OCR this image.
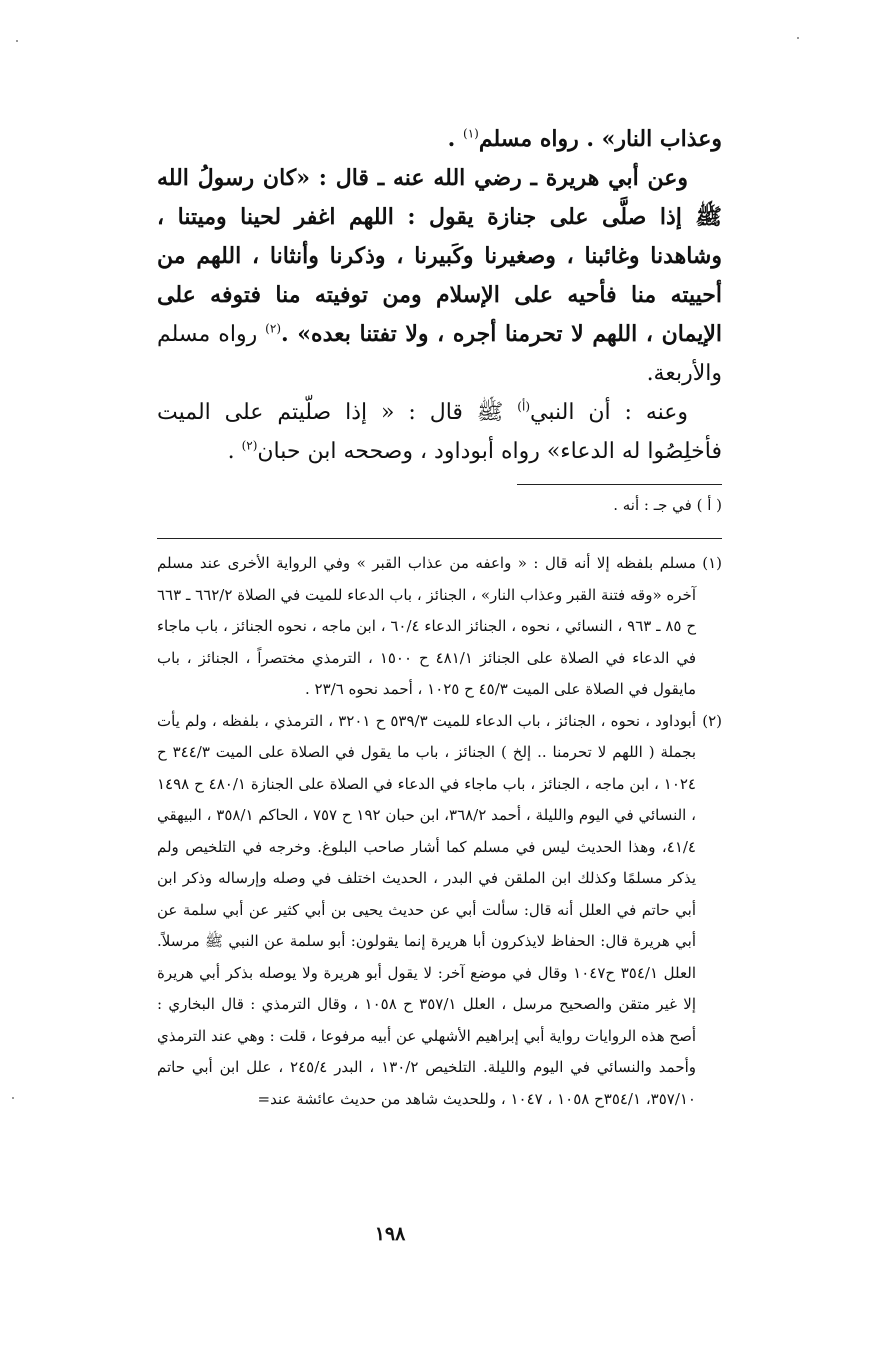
وعذاب النار» . رواه مسلم$^{(١)}$ .

وعن أبي هريرة ـ رضي الله عنه ـ قال : «كان رسولُ الله ﷺ إذا صلَّى على جنازة يقول : اللهم اغفر لحينا وميتنا ، وشاهدنا وغائبنا ، وصغيرنا وكَبيرنا ، وذكرنا وأنثانا ، اللهم من أحييته منا فأحيه على الإسلام ومن توفيته منا فتوفه على الإيمان ، اللهم لا تحرمنا أجره ، ولا تفتنا بعده» .$^{(٢)}$ رواه مسلم والأربعة.

وعنه : أن النبي$^{(أ)}$ ﷺ قال : « إذا صلّيتم على الميت فأخلِصُوا له الدعاء» رواه أبوداود ، وصححه ابن حبان$^{(٢)}$ .

( أ ) في جـ : أنه .

(١)
مسلم بلفظه إلا أنه قال : « واعفه من عذاب القبر » وفي الرواية الأخرى عند مسلم آخره «وقه فتنة القبر وعذاب النار» ، الجنائز ، باب الدعاء للميت في الصلاة ٦٦٢/٢ ـ ٦٦٣ ح ٨٥ ـ ٩٦٣ ، النسائي ، نحوه ، الجنائز الدعاء ٦٠/٤ ، ابن ماجه ، نحوه الجنائز ، باب ماجاء في الدعاء في الصلاة على الجنائز ٤٨١/١ ح ١٥٠٠ ، الترمذي مختصراً ، الجنائز ، باب مايقول في الصلاة على الميت ٤٥/٣ ح ١٠٢٥ ، أحمد نحوه ٢٣/٦ .

(٢)
أبوداود ، نحوه ، الجنائز ، باب الدعاء للميت ٥٣٩/٣ ح ٣٢٠١ ، الترمذي ، بلفظه ، ولم يأت بجملة ( اللهم لا تحرمنا .. إلخ ) الجنائز ، باب ما يقول في الصلاة على الميت ٣٤٤/٣ ح ١٠٢٤ ، ابن ماجه ، الجنائز ، باب ماجاء في الدعاء في الصلاة على الجنازة ٤٨٠/١ ح ١٤٩٨ ، النسائي في اليوم والليلة ، أحمد ٣٦٨/٢، ابن حبان ١٩٢ ح ٧٥٧ ، الحاكم ٣٥٨/١ ، البيهقي ٤١/٤، وهذا الحديث ليس في مسلم كما أشار صاحب البلوغ. وخرجه في التلخيص ولم يذكر مسلمًا وكذلك ابن الملقن في البدر ، الحديث اختلف في وصله وإرساله وذكر ابن أبي حاتم في العلل أنه قال: سألت أبي عن حديث يحيى بن أبي كثير عن أبي سلمة عن أبي هريرة قال: الحفاظ لايذكرون أبا هريرة إنما يقولون: أبو سلمة عن النبي ﷺ مرسلاً. العلل ٣٥٤/١ ح١٠٤٧ وقال في موضع آخر: لا يقول أبو هريرة ولا يوصله بذكر أبي هريرة إلا غير متقن والصحيح مرسل ، العلل ٣٥٧/١ ح ١٠٥٨ ، وقال الترمذي : قال البخاري : أصح هذه الروايات رواية أبي إبراهيم الأشهلي عن أبيه مرفوعا ، قلت : وهي عند الترمذي وأحمد والنسائي في اليوم والليلة. التلخيص ١٣٠/٢ ، البدر ٢٤٥/٤ ، علل ابن أبي حاتم ٣٥٧/١٠، ٣٥٤/١ح ١٠٥٨ ، ١٠٤٧ ، وللحديث شاهد من حديث عائشة عند=

١٩٨
